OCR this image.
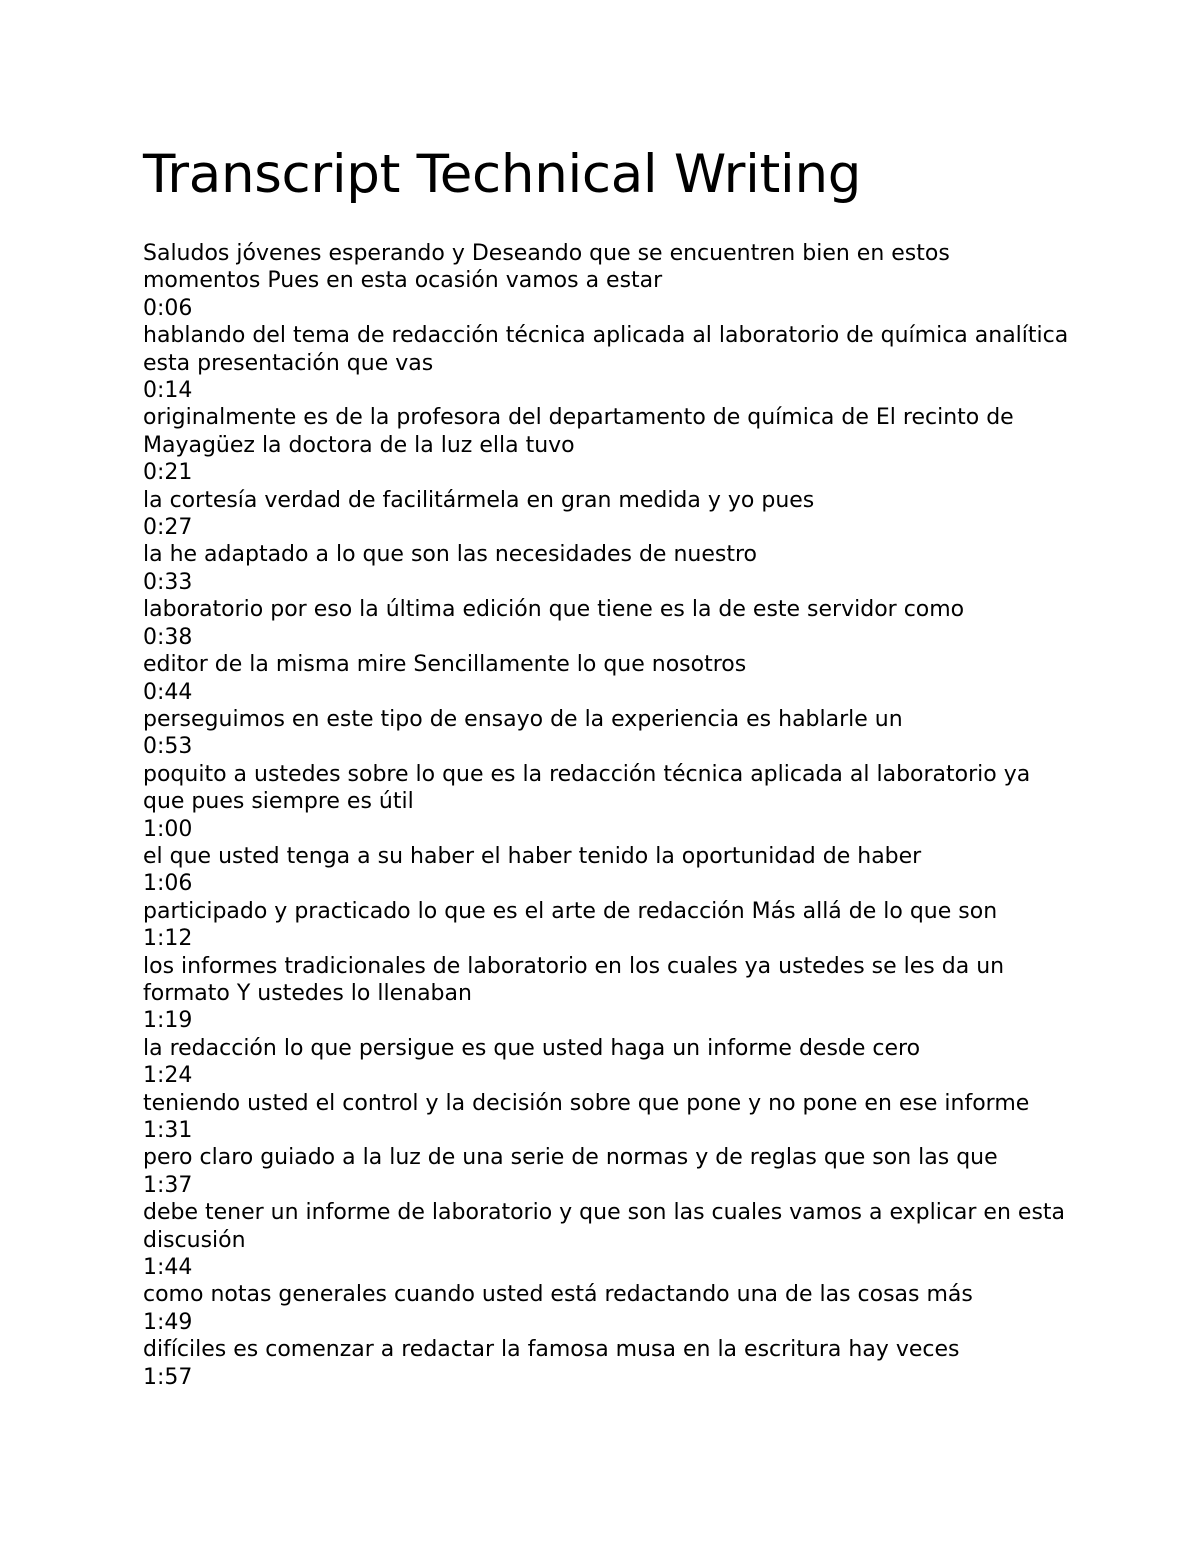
Transcript Technical Writing

Saludos jóvenes esperando y Deseando que se encuentren bien en estos momentos Pues en esta ocasión vamos a estar

0:06

hablando del tema de redacción técnica aplicada al laboratorio de química analítica esta presentación que vas

0:14

originalmente es de la profesora del departamento de química de El recinto de Mayagüez la doctora de la luz ella tuvo

0:21

la cortesía verdad de facilitármela en gran medida y yo pues

0:27

la he adaptado a lo que son las necesidades de nuestro

0:33

laboratorio por eso la última edición que tiene es la de este servidor como

0:38

editor de la misma mire Sencillamente lo que nosotros

0:44

perseguimos en este tipo de ensayo de la experiencia es hablarle un

0:53

poquito a ustedes sobre lo que es la redacción técnica aplicada al laboratorio ya que pues siempre es útil

1:00

el que usted tenga a su haber el haber tenido la oportunidad de haber

1:06

participado y practicado lo que es el arte de redacción Más allá de lo que son

1:12

los informes tradicionales de laboratorio en los cuales ya ustedes se les da un formato Y ustedes lo llenaban

1:19

la redacción lo que persigue es que usted haga un informe desde cero

1:24

teniendo usted el control y la decisión sobre que pone y no pone en ese informe

1:31

pero claro guiado a la luz de una serie de normas y de reglas que son las que

1:37

debe tener un informe de laboratorio y que son las cuales vamos a explicar en esta discusión

1:44

como notas generales cuando usted está redactando una de las cosas más

1:49

difíciles es comenzar a redactar la famosa musa en la escritura hay veces

1:57
